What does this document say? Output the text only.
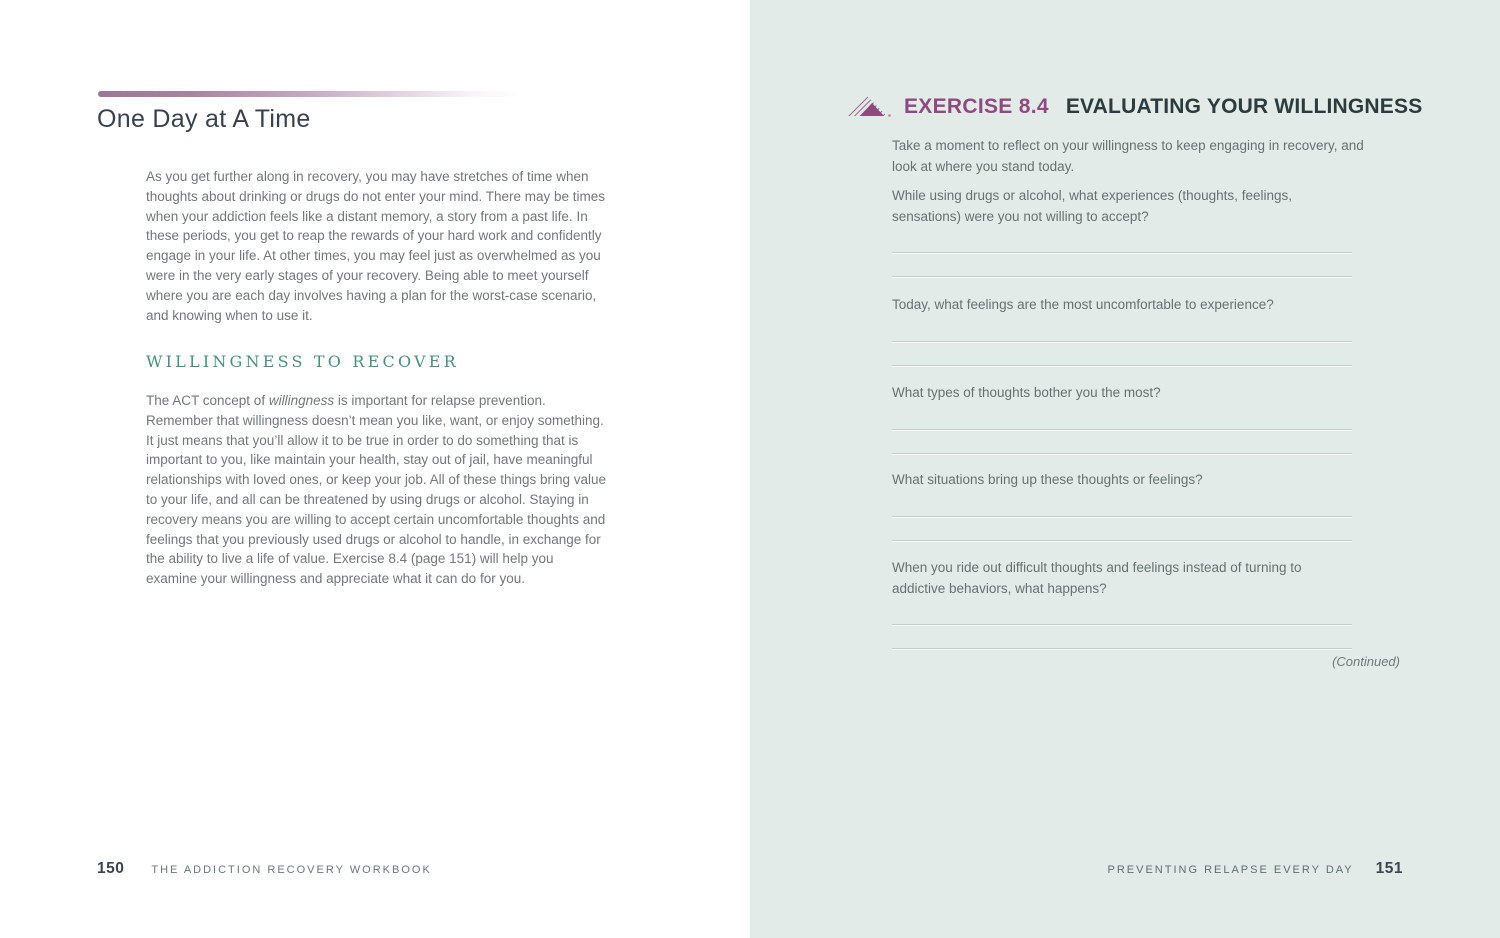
One Day at A Time

As you get further along in recovery, you may have stretches of time when thoughts about drinking or drugs do not enter your mind. There may be times when your addiction feels like a distant memory, a story from a past life. In these periods, you get to reap the rewards of your hard work and confidently engage in your life. At other times, you may feel just as overwhelmed as you were in the very early stages of your recovery. Being able to meet yourself where you are each day involves having a plan for the worst-case scenario, and knowing when to use it.

WILLINGNESS TO RECOVER

The ACT concept of willingness is important for relapse prevention. Remember that willingness doesn’t mean you like, want, or enjoy something. It just means that you’ll allow it to be true in order to do something that is important to you, like maintain your health, stay out of jail, have meaningful relationships with loved ones, or keep your job. All of these things bring value to your life, and all can be threatened by using drugs or alcohol. Staying in recovery means you are willing to accept certain uncomfortable thoughts and feelings that you previously used drugs or alcohol to handle, in exchange for the ability to live a life of value. Exercise 8.4 (page 151) will help you examine your willingness and appreciate what it can do for you.

150 THE ADDICTION RECOVERY WORKBOOK
EXERCISE 8.4 EVALUATING YOUR WILLINGNESS

Take a moment to reflect on your willingness to keep engaging in recovery, and look at where you stand today.

While using drugs or alcohol, what experiences (thoughts, feelings, sensations) were you not willing to accept?

Today, what feelings are the most uncomfortable to experience?

What types of thoughts bother you the most?

What situations bring up these thoughts or feelings?

When you ride out difficult thoughts and feelings instead of turning to addictive behaviors, what happens?

(Continued)

PREVENTING RELAPSE EVERY DAY 151
